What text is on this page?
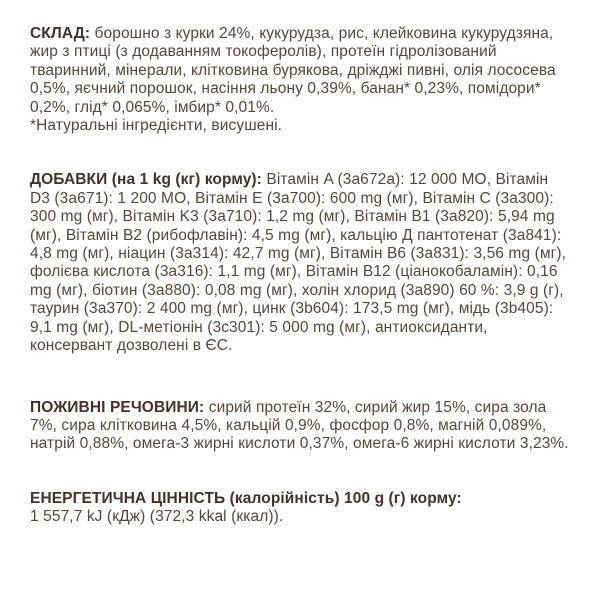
СКЛАД: борошно з курки 24%, кукурудза, рис, клейковина кукурудзяна, жир з птиці (з додаванням токоферолів), протеїн гідролізований тваринний, мінерали, клітковина бурякова, дріжджі пивні, олія лососева 0,5%, яєчний порошок, насіння льону 0,39%, банан* 0,23%, помідори* 0,2%, глід* 0,065%, імбир* 0,01%.

*Натуральні інгредієнти, висушені.

ДОБАВКИ (на 1 kg (кг) корму): Вітамін A (3a672a): 12 000 МО, Вітамін D3 (3a671): 1 200 МО, Вітамін E (3a700): 600 mg (мг), Вітамін C (3a300): 300 mg (мг), Вітамін K3 (3a710): 1,2 mg (мг), Вітамін B1 (3a820): 5,94 mg (мг), Вітамін B2 (рибофлавін): 4,5 mg (мг), кальцію Д пантотенат (3a841): 4,8 mg (мг), ніацин (3a314): 42,7 mg (мг), Вітамін B6 (3a831): 3,56 mg (мг), фолієва кислота (3a316): 1,1 mg (мг), Вітамін B12 (ціанокобаламін): 0,16 mg (мг), біотин (3a880): 0,08 mg (мг), холін хлорид (3a890) 60 %: 3,9 g (г), таурин (3a370): 2 400 mg (мг), цинк (3b604): 173,5 mg (мг), мідь (3b405): 9,1 mg (мг), DL-метіонін (3c301): 5 000 mg (мг), антиоксиданти, консервант дозволені в ЄС.

ПОЖИВНІ РЕЧОВИНИ: сирий протеїн 32%, сирий жир 15%, сира зола 7%, сира клітковина 4,5%, кальцій 0,9%, фосфор 0,8%, магній 0,089%, натрій 0,88%, омега-3 жирні кислоти 0,37%, омега-6 жирні кислоти 3,23%.

ЕНЕРГЕТИЧНА ЦІННІСТЬ (калорійність) 100 g (г) корму:

1 557,7 kJ (кДж) (372,3 kkal (ккал)).
